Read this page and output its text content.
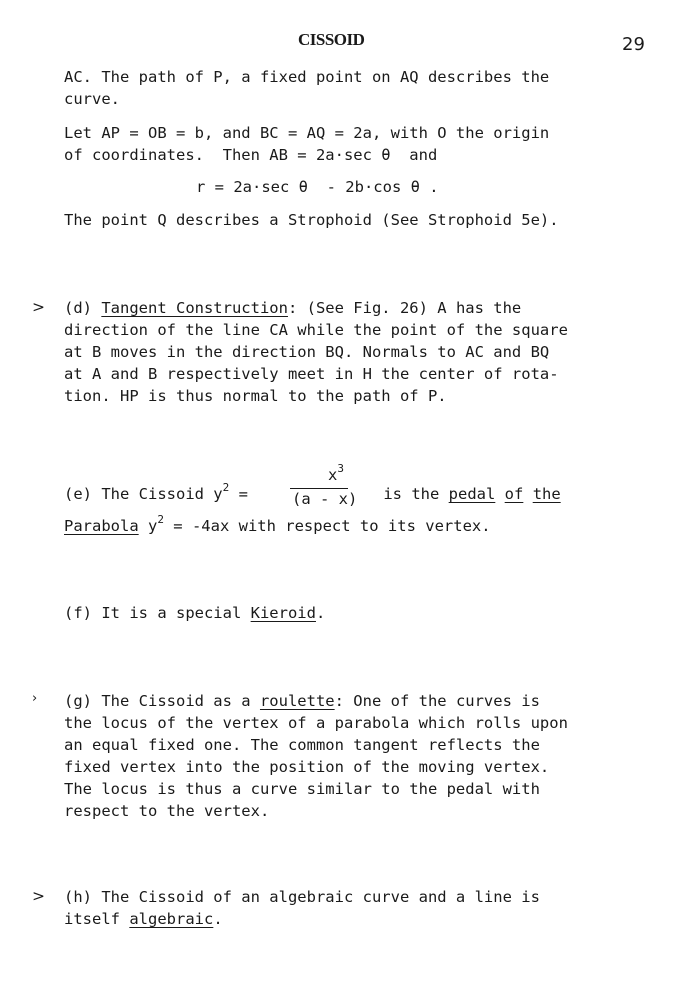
CISSOID	29
AC. The path of P, a fixed point on AQ describes the
curve.
Let AP = OB = b, and BC = AQ = 2a, with O the origin
of coordinates.  Then AB = 2a·sec θ  and
r = 2a·sec θ  - 2b·cos θ .
The point Q describes a Strophoid (See Strophoid 5e).
> (d) Tangent Construction: (See Fig. 26) A has the
direction of the line CA while the point of the square
at B moves in the direction BQ. Normals to AC and BQ
at A and B respectively meet in H the center of rota-
tion. HP is thus normal to the path of P.
(e) The Cissoid $y^2$ =
$x^3$
(a - x) is the pedal of the
Parabola $y^2 = -4ax$ with respect to its vertex.
(f) It is a special Kieroid.
› (g) The Cissoid as a roulette: One of the curves is
the locus of the vertex of a parabola which rolls upon
an equal fixed one. The common tangent reflects the
fixed vertex into the position of the moving vertex.
The locus is thus a curve similar to the pedal with
respect to the vertex.
> (h) The Cissoid of an algebraic curve and a line is
itself algebraic.
